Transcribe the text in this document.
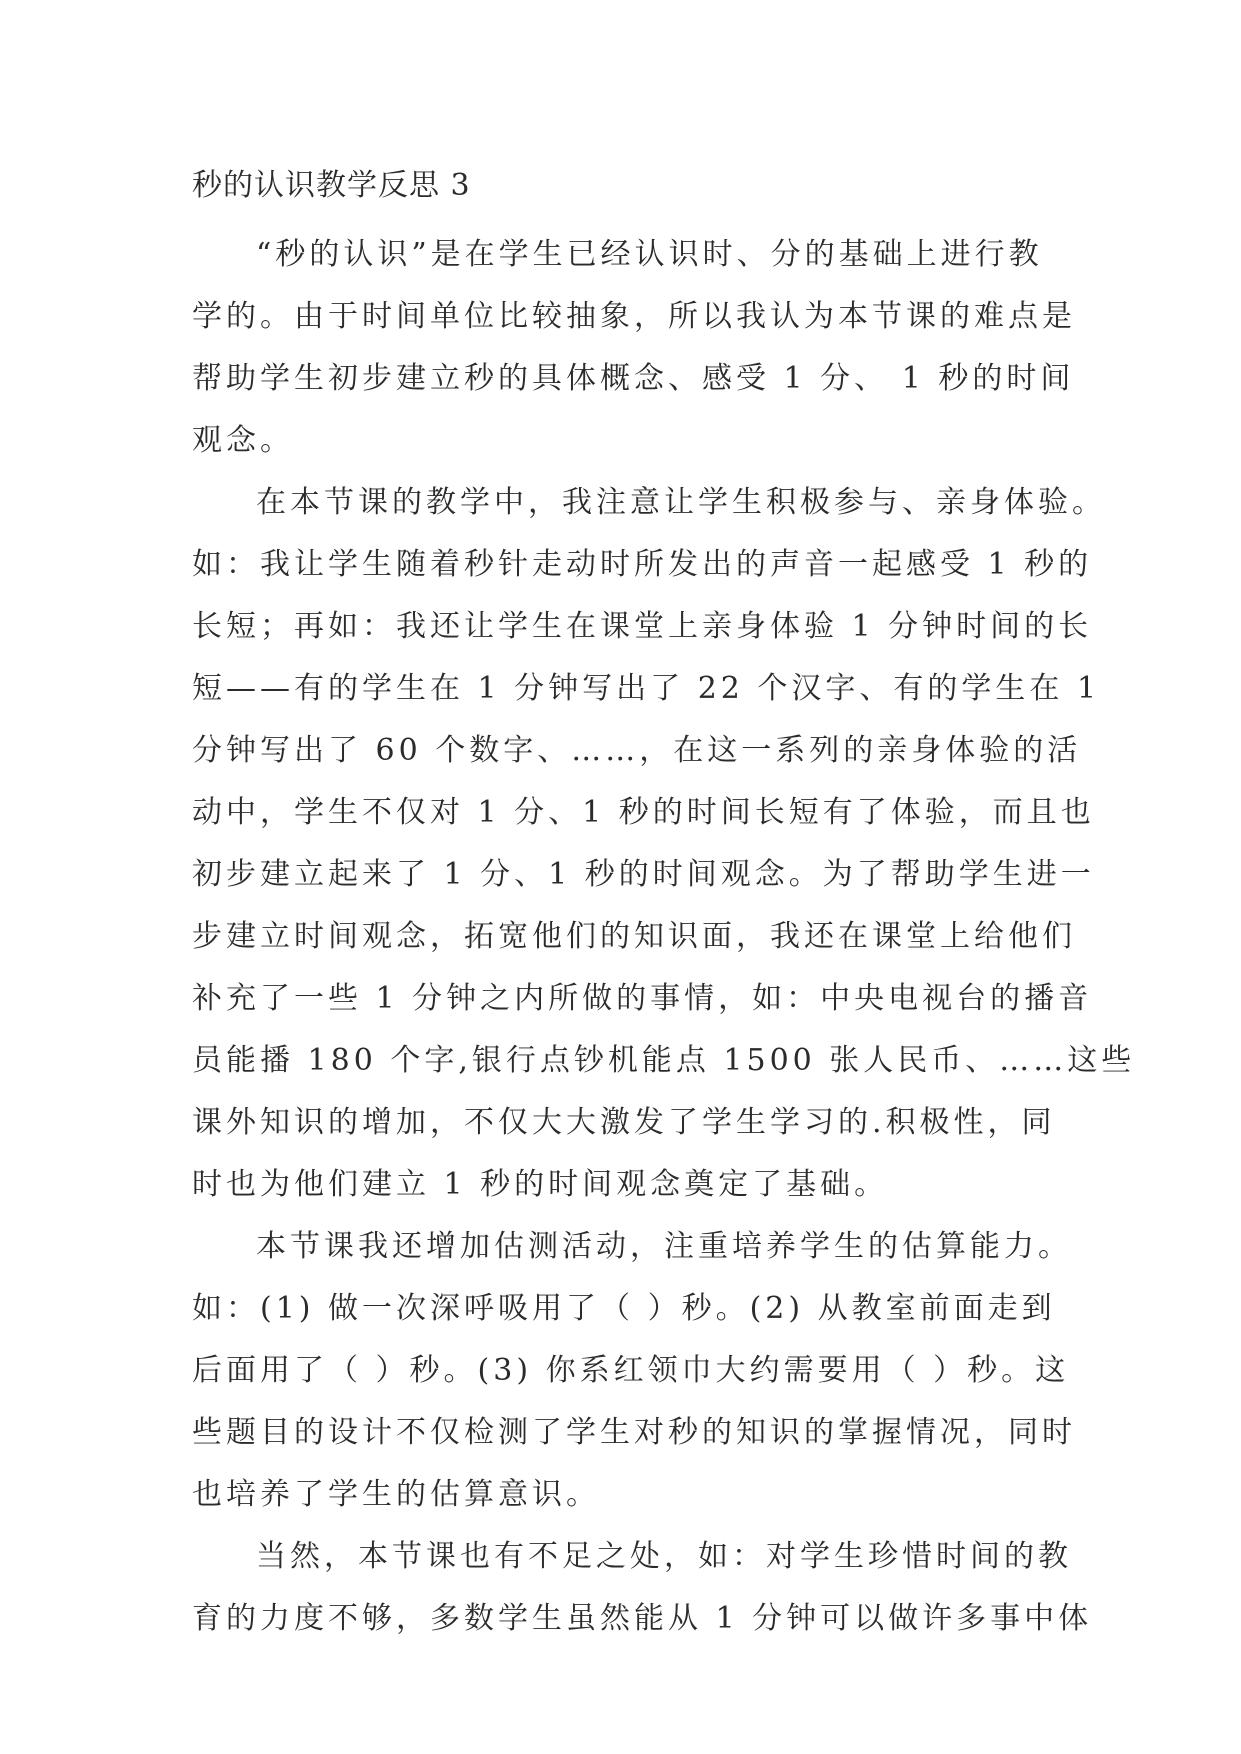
秒的认识教学反思 3

“秒的认识”是在学生已经认识时、分的基础上进行教

学的。由于时间单位比较抽象，所以我认为本节课的难点是

帮助学生初步建立秒的具体概念、感受 1 分、 1 秒的时间

观念。

在本节课的教学中，我注意让学生积极参与、亲身体验。

如：我让学生随着秒针走动时所发出的声音一起感受 1 秒的

长短；再如：我还让学生在课堂上亲身体验 1 分钟时间的长

短——有的学生在 1 分钟写出了 22 个汉字、有的学生在 1

分钟写出了 60 个数字、……，在这一系列的亲身体验的活

动中，学生不仅对 1 分、1 秒的时间长短有了体验，而且也

初步建立起来了 1 分、1 秒的时间观念。为了帮助学生进一

步建立时间观念，拓宽他们的知识面，我还在课堂上给他们

补充了一些 1 分钟之内所做的事情，如：中央电视台的播音

员能播 180 个字,银行点钞机能点 1500 张人民币、……这些

课外知识的增加，不仅大大激发了学生学习的.积极性，同

时也为他们建立 1 秒的时间观念奠定了基础。

本节课我还增加估测活动，注重培养学生的估算能力。

如：(1) 做一次深呼吸用了（ ）秒。(2) 从教室前面走到

后面用了（ ）秒。(3) 你系红领巾大约需要用（ ）秒。这

些题目的设计不仅检测了学生对秒的知识的掌握情况，同时

也培养了学生的估算意识。

当然，本节课也有不足之处，如：对学生珍惜时间的教

育的力度不够，多数学生虽然能从 1 分钟可以做许多事中体
